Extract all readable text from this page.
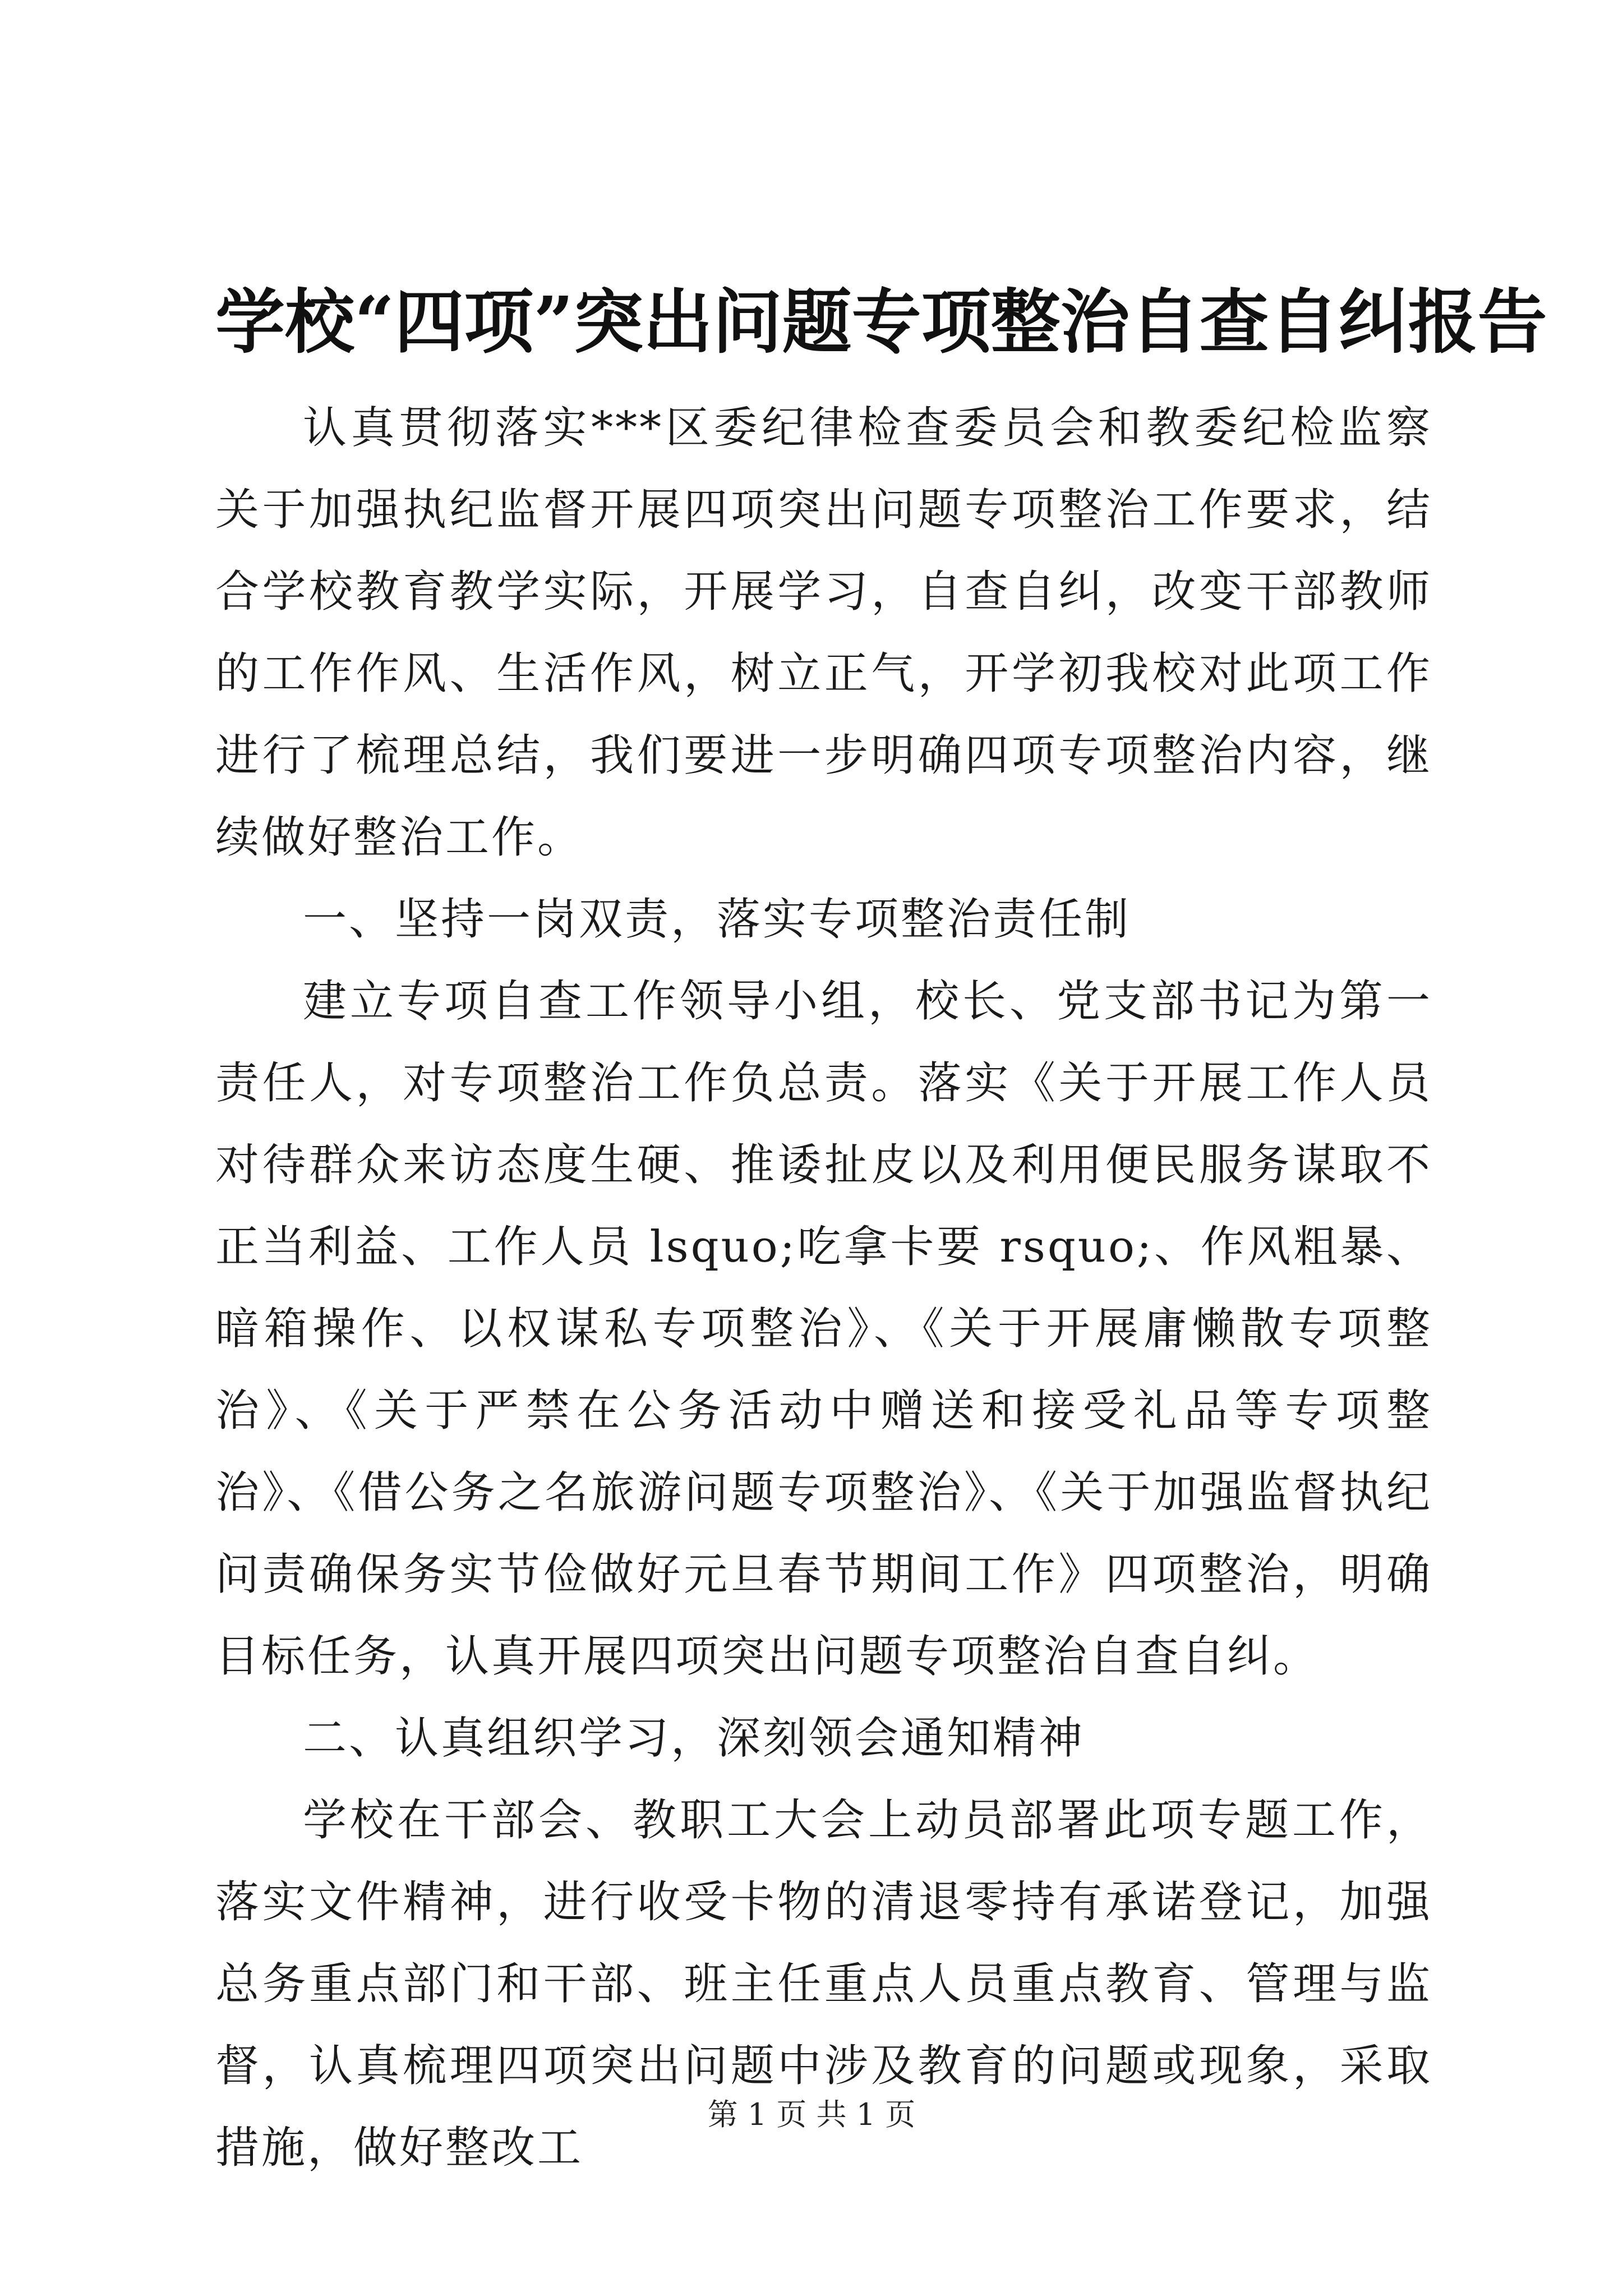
学校“四项”突出问题专项整治自查自纠报告

认真贯彻落实***区委纪律检查委员会和教委纪检监察关于加强执纪监督开展四项突出问题专项整治工作要求，结合学校教育教学实际，开展学习，自查自纠，改变干部教师的工作作风、生活作风，树立正气，开学初我校对此项工作进行了梳理总结，我们要进一步明确四项专项整治内容，继续做好整治工作。

一、坚持一岗双责，落实专项整治责任制

建立专项自查工作领导小组，校长、党支部书记为第一责任人，对专项整治工作负总责。落实《关于开展工作人员对待群众来访态度生硬、推诿扯皮以及利用便民服务谋取不正当利益、工作人员 lsquo;吃拿卡要 rsquo;、作风粗暴、暗箱操作、以权谋私专项整治》、《关于开展庸懒散专项整治》、《关于严禁在公务活动中赠送和接受礼品等专项整治》、《借公务之名旅游问题专项整治》、《关于加强监督执纪问责确保务实节俭做好元旦春节期间工作》四项整治，明确目标任务，认真开展四项突出问题专项整治自查自纠。

二、认真组织学习，深刻领会通知精神

学校在干部会、教职工大会上动员部署此项专题工作，落实文件精神，进行收受卡物的清退零持有承诺登记，加强总务重点部门和干部、班主任重点人员重点教育、管理与监督，认真梳理四项突出问题中涉及教育的问题或现象，采取措施，做好整改工

第 1 页 共 1 页
